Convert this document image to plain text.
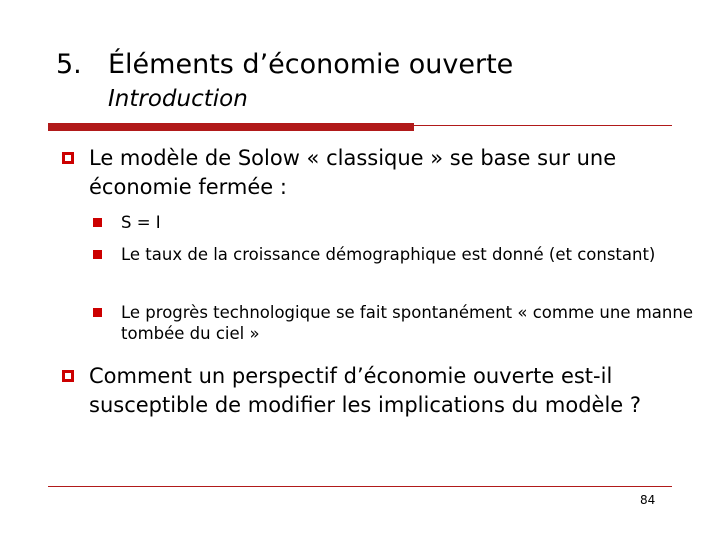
5. Éléments d’économie ouverte
Introduction
Le modèle de Solow « classique » se base sur une économie fermée :
S = I
Le taux de la croissance démographique est donné (et constant)
Le progrès technologique se fait spontanément « comme une manne tombée du ciel »
Comment un perspectif d’économie ouverte est-il susceptible de modifier les implications du modèle ?
84
